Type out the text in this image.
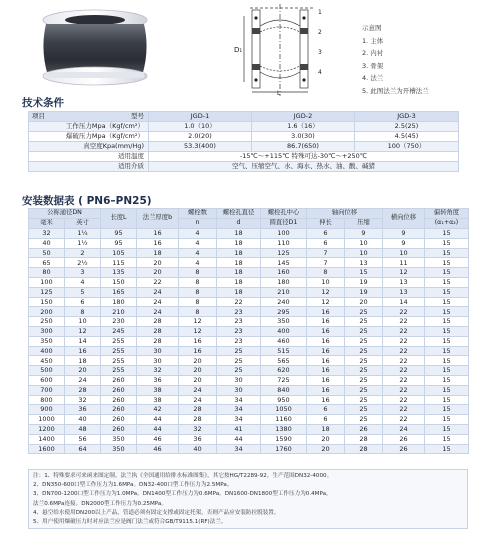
D₁
L
1
2
3
4
示意图
1. 主体
2. 内衬
3. 骨架
4. 法兰
5. 此图法兰为开槽法兰
技术条件
项目 型号	JGD-1	JGD-2	JGD-3
工作压力Mpa（Kgf/cm²）	1.0（10）	1.6（16）	2.5(25)
爆破压力Mpa（Kgf/cm²）	2.0(20)	3.0(30)	4.5(45)
真空度Kpa(mm/Hg)	53.3(400)	86.7(650)	100（750）
适用温度	-15℃～+115℃ 特殊可达-30℃～+250℃		
适用介质	空气、压缩空气、水、海水、热水、油、酸、碱猪		
安装数据表 ( PN6–PN25)
公称通径DN		长度L	法兰厚度b	螺栓数	螺栓孔直径	螺栓孔中心	轴向位移		横向位移	偏转角度
毫米	英寸			n	d	圆直径D1	伸长	压缩		(α₁+α₂)
32	1¼	95	16	4	18	100	6	9	9	15
40	1½	95	16	4	18	110	6	10	9	15
50	2	105	18	4	18	125	7	10	10	15
65	2½	115	20	4	18	145	7	13	11	15
80	3	135	20	8	18	160	8	15	12	15
100	4	150	22	8	18	180	10	19	13	15
125	5	165	24	8	18	210	12	19	13	15
150	6	180	24	8	22	240	12	20	14	15
200	8	210	24	8	23	295	16	25	22	15
250	10	230	28	12	23	350	16	25	22	15
300	12	245	28	12	23	400	16	25	22	15
350	14	255	28	16	23	460	16	25	22	15
400	16	255	30	16	25	515	16	25	22	15
450	18	255	30	20	25	565	16	25	22	15
500	20	255	32	20	25	620	16	25	22	15
600	24	260	36	20	30	725	16	25	22	15
700	28	260	38	24	30	840	16	25	22	15
800	32	260	38	24	34	950	16	25	22	15
900	36	260	42	28	34	1050	6	25	22	15
1000	40	260	44	28	34	1160	6	25	22	15
1200	48	260	44	32	41	1380	18	26	24	15
1400	56	350	46	36	44	1590	20	28	26	15
1600	64	350	46	40	34	1760	20	28	26	15
注：1、特殊要求可来函来图定制。法兰执《全国通用给排水标准图集》，其它按HG/T2289-92。生产范围DN32-4000。
2、DN350-600口型工作压力为1.6MPa。DN32-400口型工作压力为2.5MPa。
3、DN700-1200口型工作压力为1.0MPa。DN1400型工作压力为0.6MPa。DN1600-DN1800型工作压力为0.4MPa。
法兰0.6MPa连接。DN2000型工作压力为0.25MPa。
4、悬空给水使用DN200以上产品，管道必须有固定支撑或固定托架，否则产品应安装防拉脱装置。
5、用户使用爆破压力时对应法兰应是阀门法兰或符合GB/T9115.1(RF)法兰。
